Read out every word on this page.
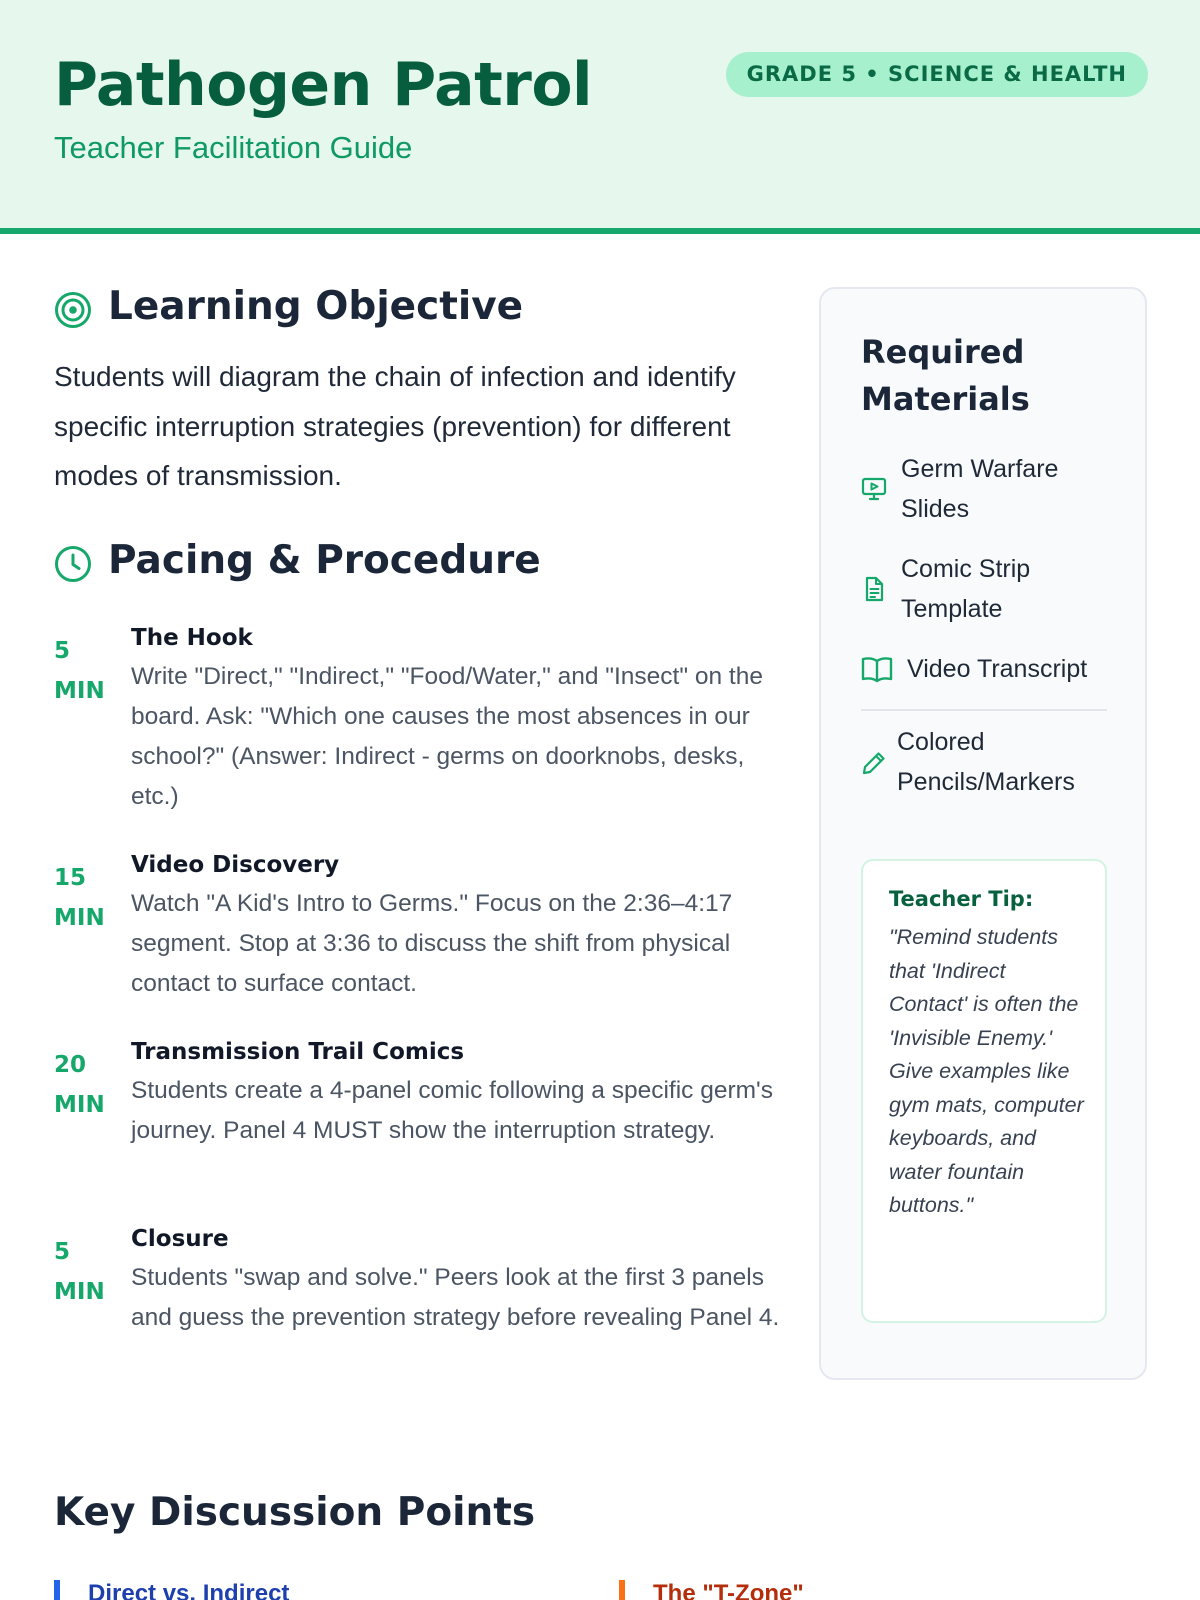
Pathogen Patrol
Teacher Facilitation Guide
GRADE 5 • SCIENCE & HEALTH
Learning Objective
Students will diagram the chain of infection and identify specific interruption strategies (prevention) for different modes of transmission.
Pacing & Procedure
5
MIN
The Hook
Write "Direct," "Indirect," "Food/Water," and "Insect" on the board. Ask: "Which one causes the most absences in our school?" (Answer: Indirect - germs on doorknobs, desks, etc.)
15
MIN
Video Discovery
Watch "A Kid's Intro to Germs." Focus on the 2:36–4:17 segment. Stop at 3:36 to discuss the shift from physical contact to surface contact.
20
MIN
Transmission Trail Comics
Students create a 4-panel comic following a specific germ's journey. Panel 4 MUST show the interruption strategy.
5
MIN
Closure
Students "swap and solve." Peers look at the first 3 panels and guess the prevention strategy before revealing Panel 4.
Required Materials
Germ Warfare Slides
Comic Strip Template
Video Transcript
Colored Pencils/Markers
Teacher Tip:
"Remind students that 'Indirect Contact' is often the 'Invisible Enemy.' Give examples like gym mats, computer keyboards, and water fountain buttons."
Key Discussion Points
Direct vs. Indirect	The "T-Zone"
